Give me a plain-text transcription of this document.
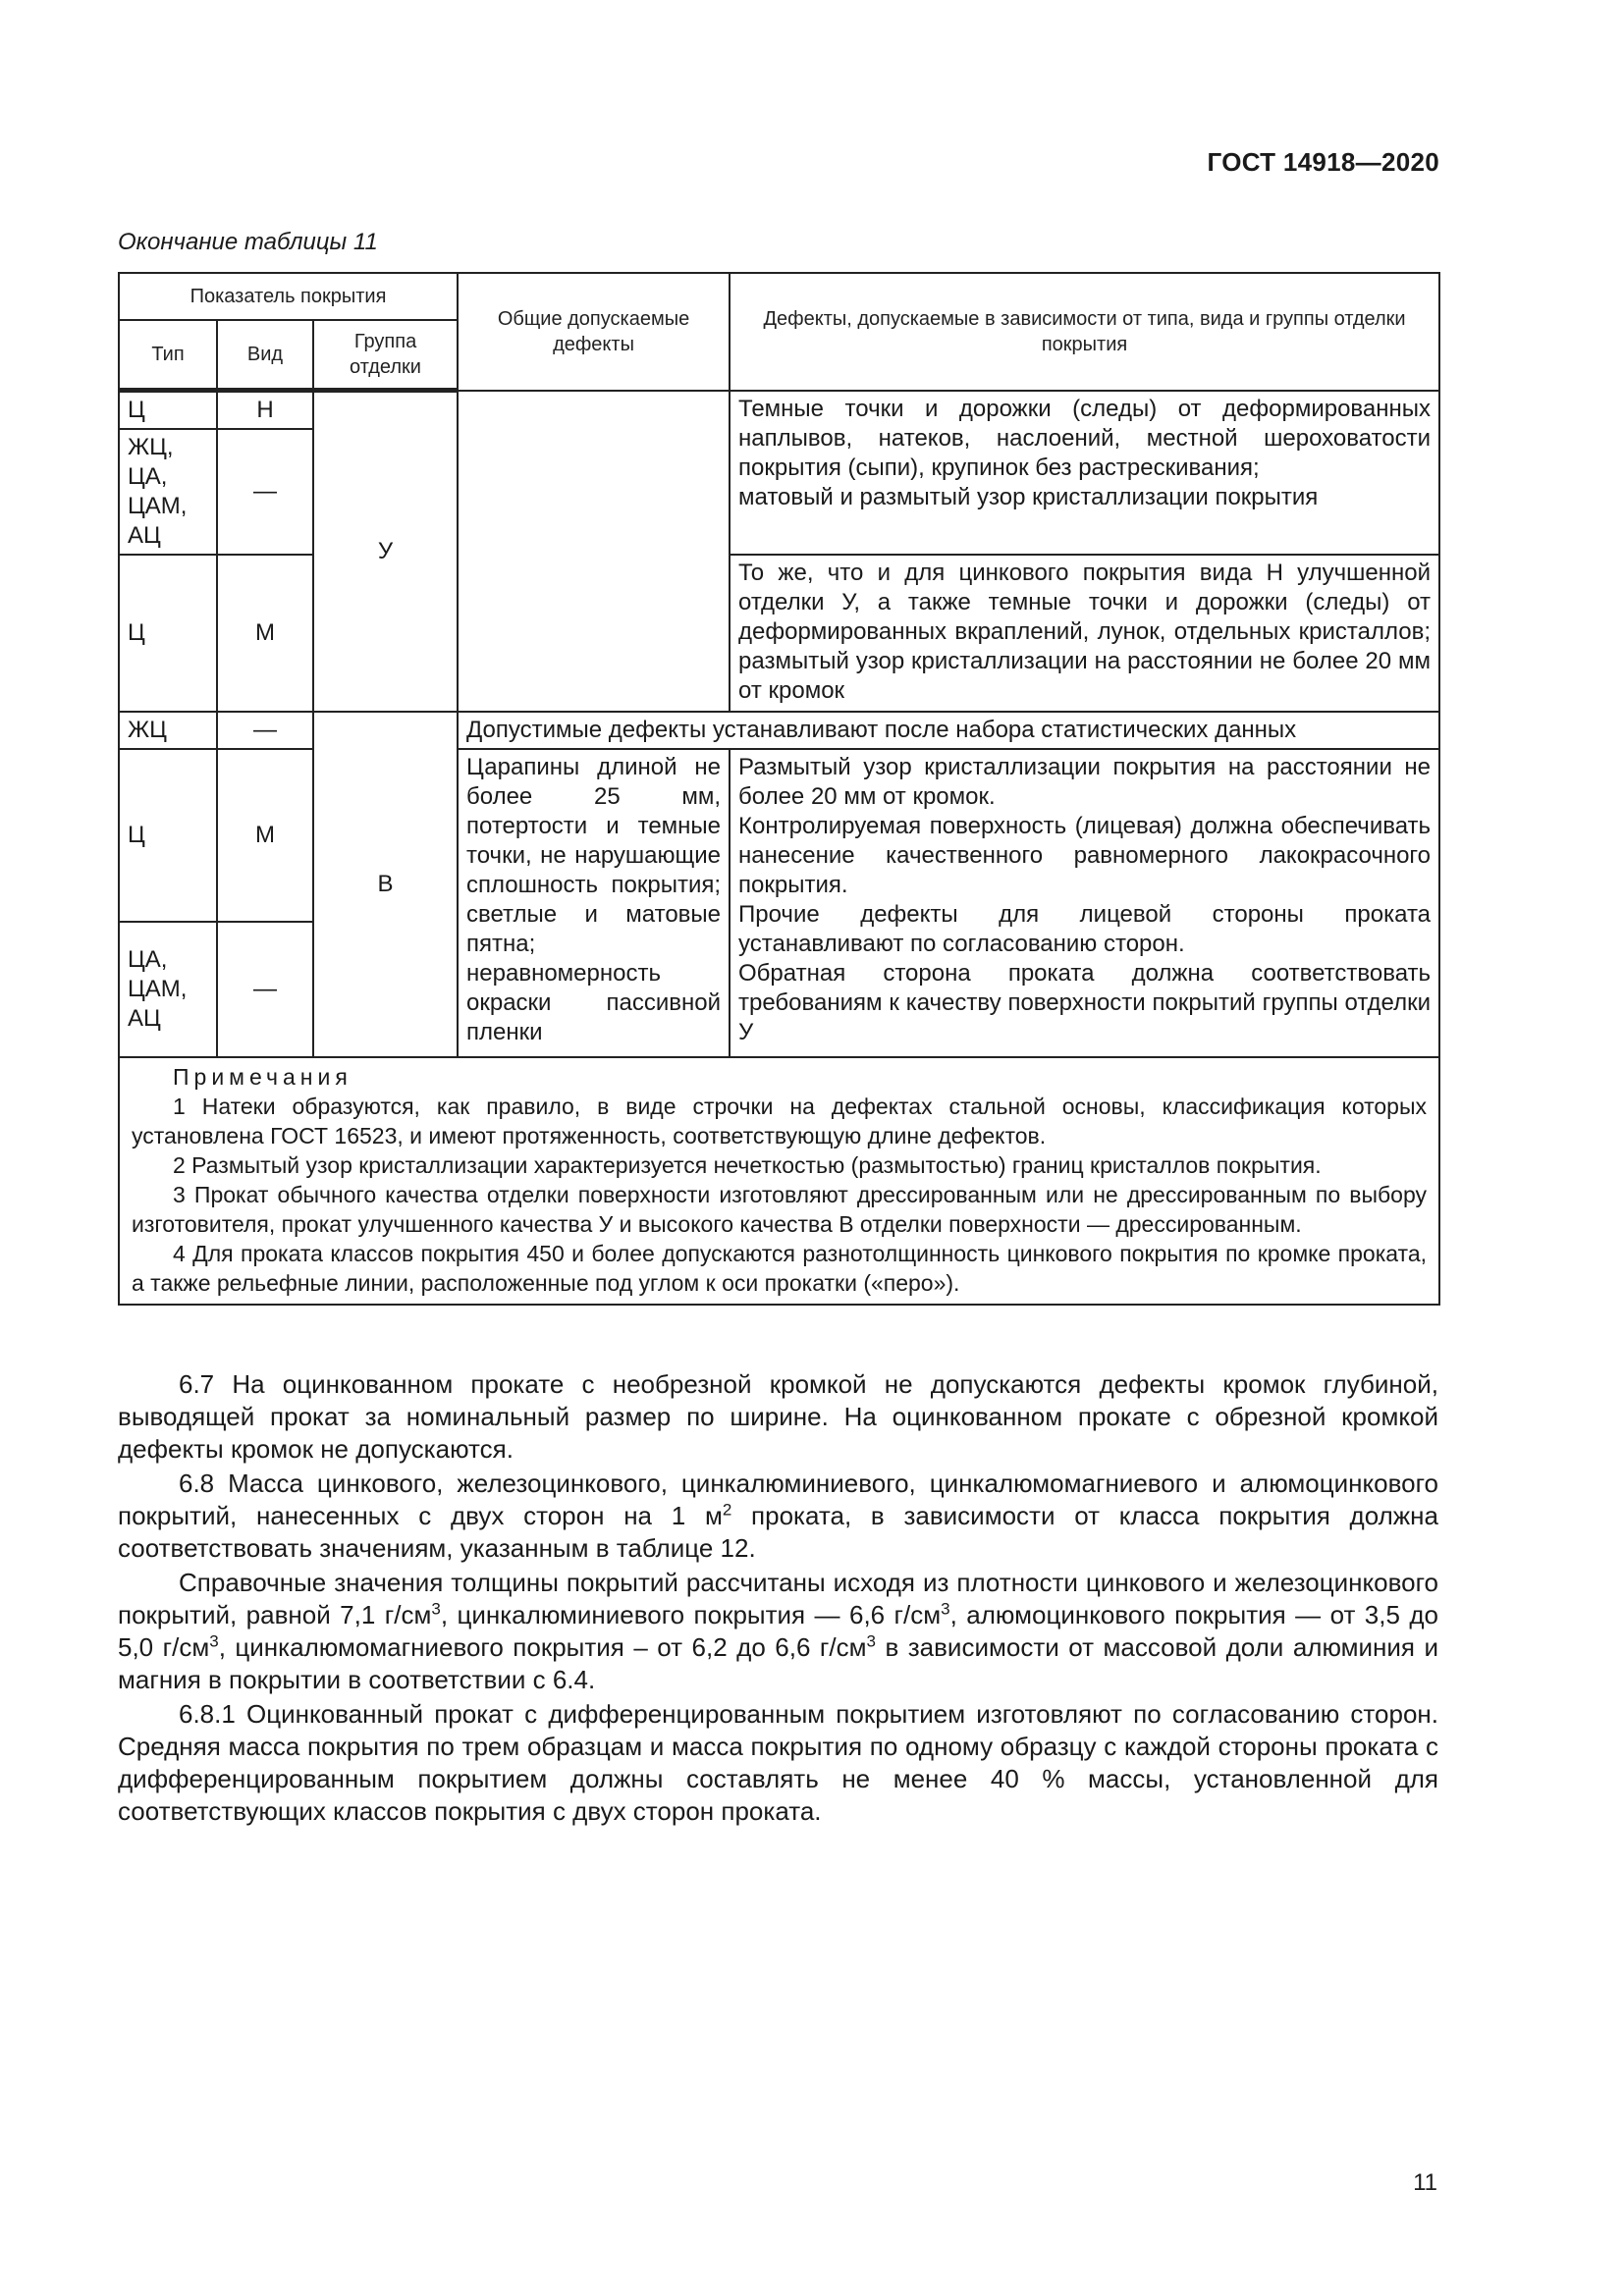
ГОСТ 14918—2020
Окончание таблицы 11
Показатель покрытия			Общие допускаемые дефекты	Дефекты, допускаемые в зависимости от типа, вида и группы отделки покрытия
Тип	Вид	Группа отделки		
Ц	Н	У		Темные точки и дорожки (следы) от деформированных наплывов, натеков, наслоений, местной шероховатости покрытия (сыпи), крупинок без растрескивания;
матовый и размытый узор кристаллизации покрытия

ЖЦ, ЦА, ЦАМ, АЦ	—			
Ц	М			То же, что и для цинкового покрытия вида Н улучшенной отделки У, а также темные точки и дорожки (следы) от деформированных вкраплений, лунок, отдельных кристаллов; размытый узор кристаллизации на расстоянии не более 20 мм от кромок
ЖЦ	—	В	Допустимые дефекты устанавливают после набора статистических данных	
Ц	М		Царапины длиной не более 25 мм, потертости и темные точки, не нарушающие сплошность покрытия; светлые и матовые пятна; неравномерность окраски пассивной пленки	Размытый узор кристаллизации покрытия на расстоянии не более 20 мм от кромок.
Контролируемая поверхность (лицевая) должна обеспечивать нанесение качественного равномерного лакокрасочного покрытия.
Прочие дефекты для лицевой стороны проката устанавливают по согласованию сторон.
Обратная сторона проката должна соответствовать требованиям к качеству поверхности покрытий группы отделки У

ЦА, ЦАМ, АЦ	—			

Примечания

1 Натеки образуются, как правило, в виде строчки на дефектах стальной основы, классификация которых установлена ГОСТ 16523, и имеют протяженность, соответствующую длине дефектов.

2 Размытый узор кристаллизации характеризуется нечеткостью (размытостью) границ кристаллов покрытия.

3 Прокат обычного качества отделки поверхности изготовляют дрессированным или не дрессированным по выбору изготовителя, прокат улучшенного качества У и высокого качества В отделки поверхности — дрессированным.

4 Для проката классов покрытия 450 и более допускаются разнотолщинность цинкового покрытия по кромке проката, а также рельефные линии, расположенные под углом к оси прокатки («перо»).				

6.7 На оцинкованном прокате с необрезной кромкой не допускаются дефекты кромок глубиной, выводящей прокат за номинальный размер по ширине. На оцинкованном прокате с обрезной кромкой дефекты кромок не допускаются.

6.8 Масса цинкового, железоцинкового, цинкалюминиевого, цинкалюмомагниевого и алюмоцинкового покрытий, нанесенных с двух сторон на 1 $м^2$ проката, в зависимости от класса покрытия должна соответствовать значениям, указанным в таблице 12.

Справочные значения толщины покрытий рассчитаны исходя из плотности цинкового и железоцинкового покрытий, равной 7,1 $г/см^3$, цинкалюминиевого покрытия — 6,6 $г/см^3$, алюмоцинкового покрытия — от 3,5 до 5,0 $г/см^3$, цинкалюмомагниевого покрытия – от 6,2 до 6,6 $г/см^3$ в зависимости от массовой доли алюминия и магния в покрытии в соответствии с 6.4.

6.8.1 Оцинкованный прокат с дифференцированным покрытием изготовляют по согласованию сторон. Средняя масса покрытия по трем образцам и масса покрытия по одному образцу с каждой стороны проката с дифференцированным покрытием должны составлять не менее 40 % массы, установленной для соответствующих классов покрытия с двух сторон проката.

11
